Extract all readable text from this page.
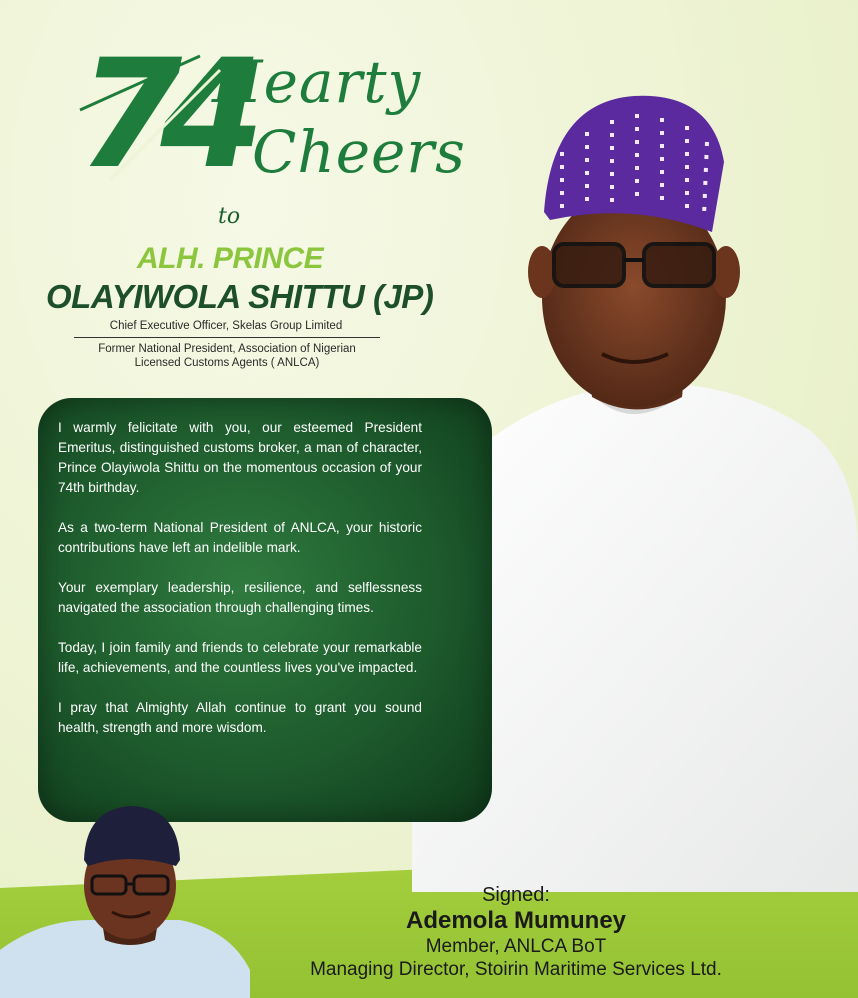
74
Hearty
Cheers
to
ALH. PRINCE
OLAYIWOLA SHITTU (JP)
Chief Executive Officer, Skelas Group Limited
Former National President, Association of Nigerian Licensed Customs Agents ( ANLCA)

I warmly felicitate with you, our esteemed President Emeritus, distinguished customs broker, a man of character, Prince Olayiwola Shittu on the momentous occasion of your 74th birthday.

As a two-term National President of ANLCA, your historic contributions have left an indelible mark.

Your exemplary leadership, resilience, and selflessness navigated the association through challenging times.

Today, I join family and friends to celebrate your remarkable life, achievements, and the countless lives you've impacted.

I pray that Almighty Allah continue to grant you sound health, strength and more wisdom.

Signed:
Ademola Mumuney
Member, ANLCA BoT
Managing Director, Stoirin Maritime Services Ltd.
